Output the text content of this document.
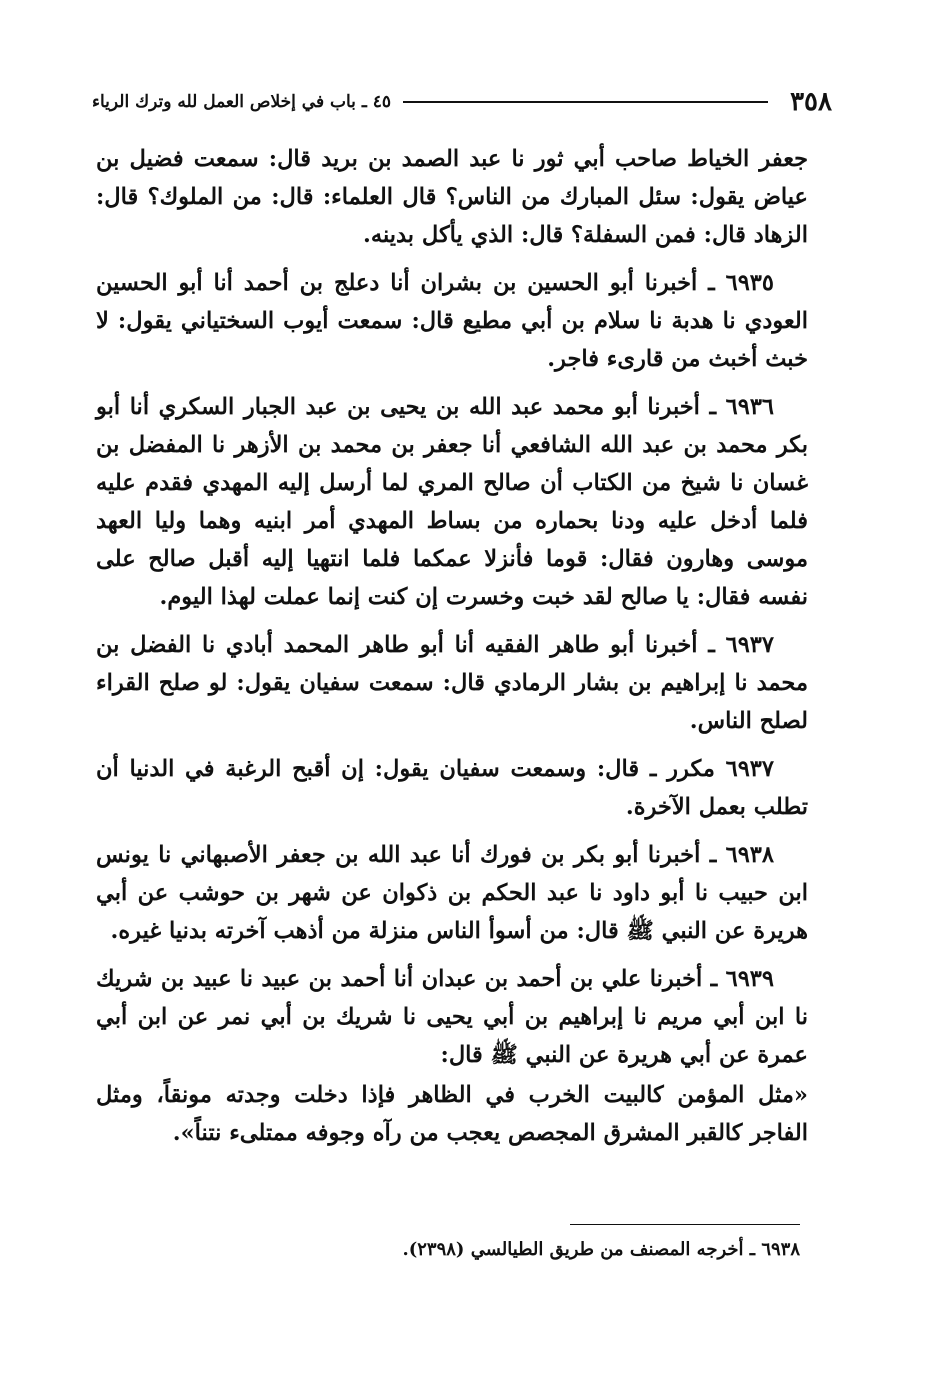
٣٥٨
٤٥ ـ باب في إخلاص العمل لله وترك الرياء

جعفر الخياط صاحب أبي ثور نا عبد الصمد بن بريد قال: سمعت فضيل بن عياض يقول: سئل المبارك من الناس؟ قال العلماء: قال: من الملوك؟ قال: الزهاد قال: فمن السفلة؟ قال: الذي يأكل بدينه.

٦٩٣٥ ـ أخبرنا أبو الحسين بن بشران أنا دعلج بن أحمد أنا أبو الحسين العودي نا هدبة نا سلام بن أبي مطيع قال: سمعت أيوب السختياني يقول: لا خبث أخبث من قارىء فاجر.

٦٩٣٦ ـ أخبرنا أبو محمد عبد الله بن يحيى بن عبد الجبار السكري أنا أبو بكر محمد بن عبد الله الشافعي أنا جعفر بن محمد بن الأزهر نا المفضل بن غسان نا شيخ من الكتاب أن صالح المري لما أرسل إليه المهدي فقدم عليه فلما أدخل عليه ودنا بحماره من بساط المهدي أمر ابنيه وهما وليا العهد موسى وهارون فقال: قوما فأنزلا عمكما فلما انتهيا إليه أقبل صالح على نفسه فقال: يا صالح لقد خبت وخسرت إن كنت إنما عملت لهذا اليوم.

٦٩٣٧ ـ أخبرنا أبو طاهر الفقيه أنا أبو طاهر المحمد أبادي نا الفضل بن محمد نا إبراهيم بن بشار الرمادي قال: سمعت سفيان يقول: لو صلح القراء لصلح الناس.

٦٩٣٧ مكرر ـ قال: وسمعت سفيان يقول: إن أقبح الرغبة في الدنيا أن تطلب بعمل الآخرة.

٦٩٣٨ ـ أخبرنا أبو بكر بن فورك أنا عبد الله بن جعفر الأصبهاني نا يونس ابن حبيب نا أبو داود نا عبد الحكم بن ذكوان عن شهر بن حوشب عن أبي هريرة عن النبي ﷺ قال: من أسوأ الناس منزلة من أذهب آخرته بدنيا غيره.

٦٩٣٩ ـ أخبرنا علي بن أحمد بن عبدان أنا أحمد بن عبيد نا عبيد بن شريك نا ابن أبي مريم نا إبراهيم بن أبي يحيى نا شريك بن أبي نمر عن ابن أبي عمرة عن أبي هريرة عن النبي ﷺ قال:

«مثل المؤمن كالبيت الخرب في الظاهر فإذا دخلت وجدته مونقاً، ومثل الفاجر كالقبر المشرق المجصص يعجب من رآه وجوفه ممتلىء نتناً».

٦٩٣٨ ـ أخرجه المصنف من طريق الطيالسي (٢٣٩٨).
